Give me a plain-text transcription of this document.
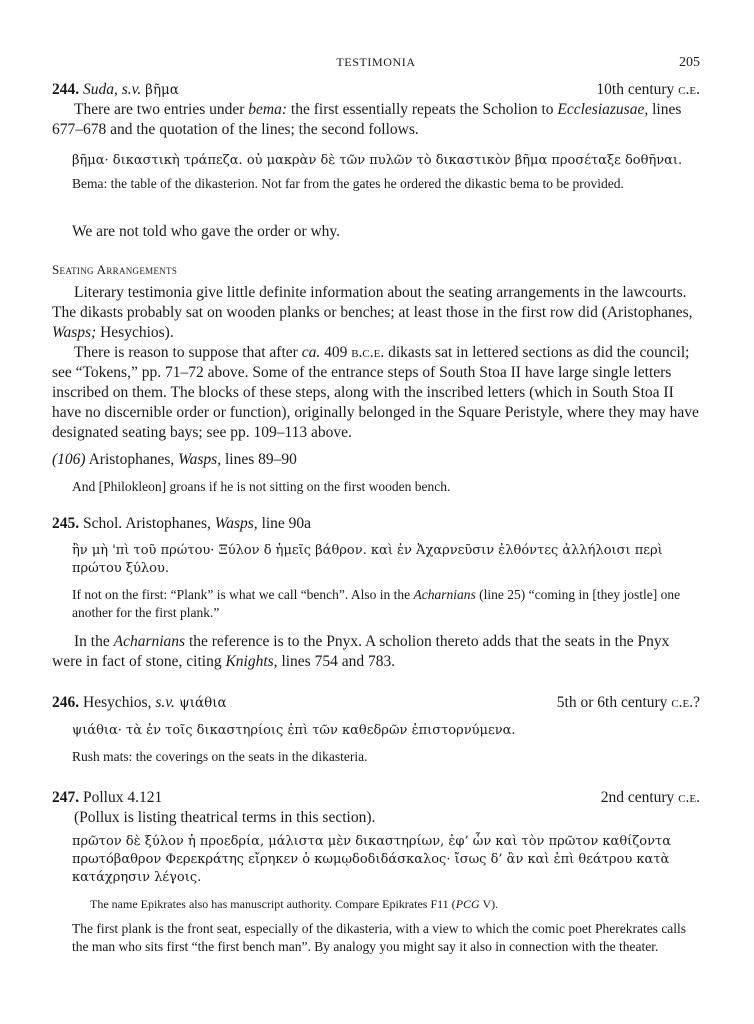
TESTIMONIA	205
244. Suda, s.v. βῆμα	10th century c.e.

There are two entries under bema: the first essentially repeats the Scholion to Ecclesiazusae, lines 677–678 and the quotation of the lines; the second follows.

βῆμα· δικαστικὴ τράπεζα. οὐ μακρὰν δὲ τῶν πυλῶν τὸ δικαστικὸν βῆμα προσέταξε δοθῆναι.
Bema: the table of the dikasterion. Not far from the gates he ordered the dikastic bema to be provided.
We are not told who gave the order or why.
Seating Arrangements

Literary testimonia give little definite information about the seating arrangements in the lawcourts. The dikasts probably sat on wooden planks or benches; at least those in the first row did (Aristophanes, Wasps; Hesychios).

There is reason to suppose that after ca. 409 b.c.e. dikasts sat in lettered sections as did the council; see “Tokens,” pp. 71–72 above. Some of the entrance steps of South Stoa II have large single letters inscribed on them. The blocks of these steps, along with the inscribed letters (which in South Stoa II have no discernible order or function), originally belonged in the Square Peristyle, where they may have designated seating bays; see pp. 109–113 above.

(106) Aristophanes, Wasps, lines 89–90
And [Philokleon] groans if he is not sitting on the first wooden bench.
245. Schol. Aristophanes, Wasps, line 90a
ἢν μὴ 'πὶ τοῦ πρώτου· Ξύλον δ ἡμεῖς βάθρον. καὶ ἐν Ἀχαρνεῦσιν ἐλθόντες ἀλλήλοισι περὶ πρώτου ξύλου.
If not on the first: “Plank” is what we call “bench”. Also in the Acharnians (line 25) “coming in [they jostle] one another for the first plank.”

In the Acharnians the reference is to the Pnyx. A scholion thereto adds that the seats in the Pnyx were in fact of stone, citing Knights, lines 754 and 783.

246. Hesychios, s.v. ψιάθια	5th or 6th century c.e.?
ψιάθια· τὰ ἐν τοῖς δικαστηρίοις ἐπὶ τῶν καθεδρῶν ἐπιστορνύμενα.
Rush mats: the coverings on the seats in the dikasteria.
247. Pollux 4.121	2nd century c.e.
(Pollux is listing theatrical terms in this section).
πρῶτον δὲ ξύλον ἡ προεδρία, μάλιστα μὲν δικαστηρίων, ἐφ’ ὧν καὶ τὸν πρῶτον καθίζοντα πρωτόβαθρον Φερεκράτης εἴρηκεν ὁ κωμῳδοδιδάσκαλος· ἴσως δ’ ἂν καὶ ἐπὶ θεάτρου κατὰ κατάχρησιν λέγοις.
The name Epikrates also has manuscript authority. Compare Epikrates F11 (PCG V).
The first plank is the front seat, especially of the dikasteria, with a view to which the comic poet Pherekrates calls the man who sits first “the first bench man”. By analogy you might say it also in connection with the theater.
